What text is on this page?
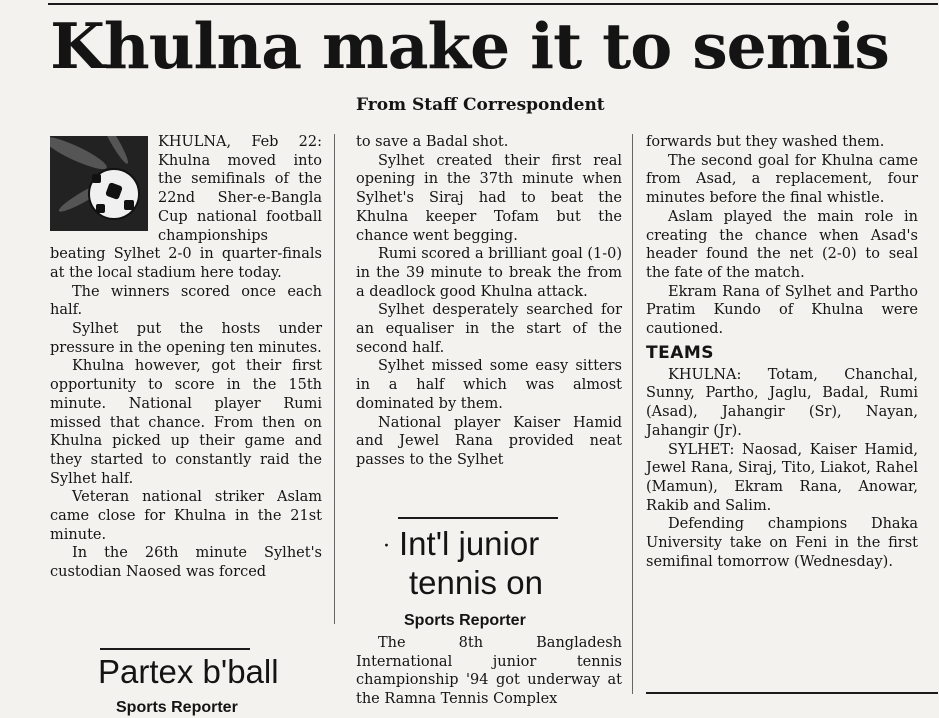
Khulna make it to semis
From Staff Correspondent

KHULNA, Feb 22: Khulna moved into the semifinals of the 22nd Sher-e-Bangla Cup national football championships beating Sylhet 2-0 in quarter-finals at the local stadium here today.

The winners scored once each half.

Sylhet put the hosts under pressure in the opening ten minutes.

Khulna however, got their first opportunity to score in the 15th minute. National player Rumi missed that chance. From then on Khulna picked up their game and they started to constantly raid the Sylhet half.

Veteran national striker Aslam came close for Khulna in the 21st minute.

In the 26th minute Sylhet's custodian Naosed was forced

to save a Badal shot.

Sylhet created their first real opening in the 37th minute when Sylhet's Siraj had to beat the Khulna keeper Tofam but the chance went begging.

Rumi scored a brilliant goal (1-0) in the 39 minute to break the from a deadlock good Khulna attack.

Sylhet desperately searched for an equaliser in the start of the second half.

Sylhet missed some easy sitters in a half which was almost dominated by them.

National player Kaiser Hamid and Jewel Rana provided neat passes to the Sylhet

forwards but they washed them.

The second goal for Khulna came from Asad, a replacement, four minutes before the final whistle.

Aslam played the main role in creating the chance when Asad's header found the net (2-0) to seal the fate of the match.

Ekram Rana of Sylhet and Partho Pratim Kundo of Khulna were cautioned.

TEAMS

KHULNA: Totam, Chanchal, Sunny, Partho, Jaglu, Badal, Rumi (Asad), Jahangir (Sr), Nayan, Jahangir (Jr).

SYLHET: Naosad, Kaiser Hamid, Jewel Rana, Siraj, Tito, Liakot, Rahel (Mamun), Ekram Rana, Anowar, Rakib and Salim.

Defending champions Dhaka University take on Feni in the first semifinal tomorrow (Wednesday).

Int'l junior
tennis on
·
Sports Reporter

The 8th Bangladesh International junior tennis championship '94 got underway at the Ramna Tennis Complex

Partex b'ball
Sports Reporter
